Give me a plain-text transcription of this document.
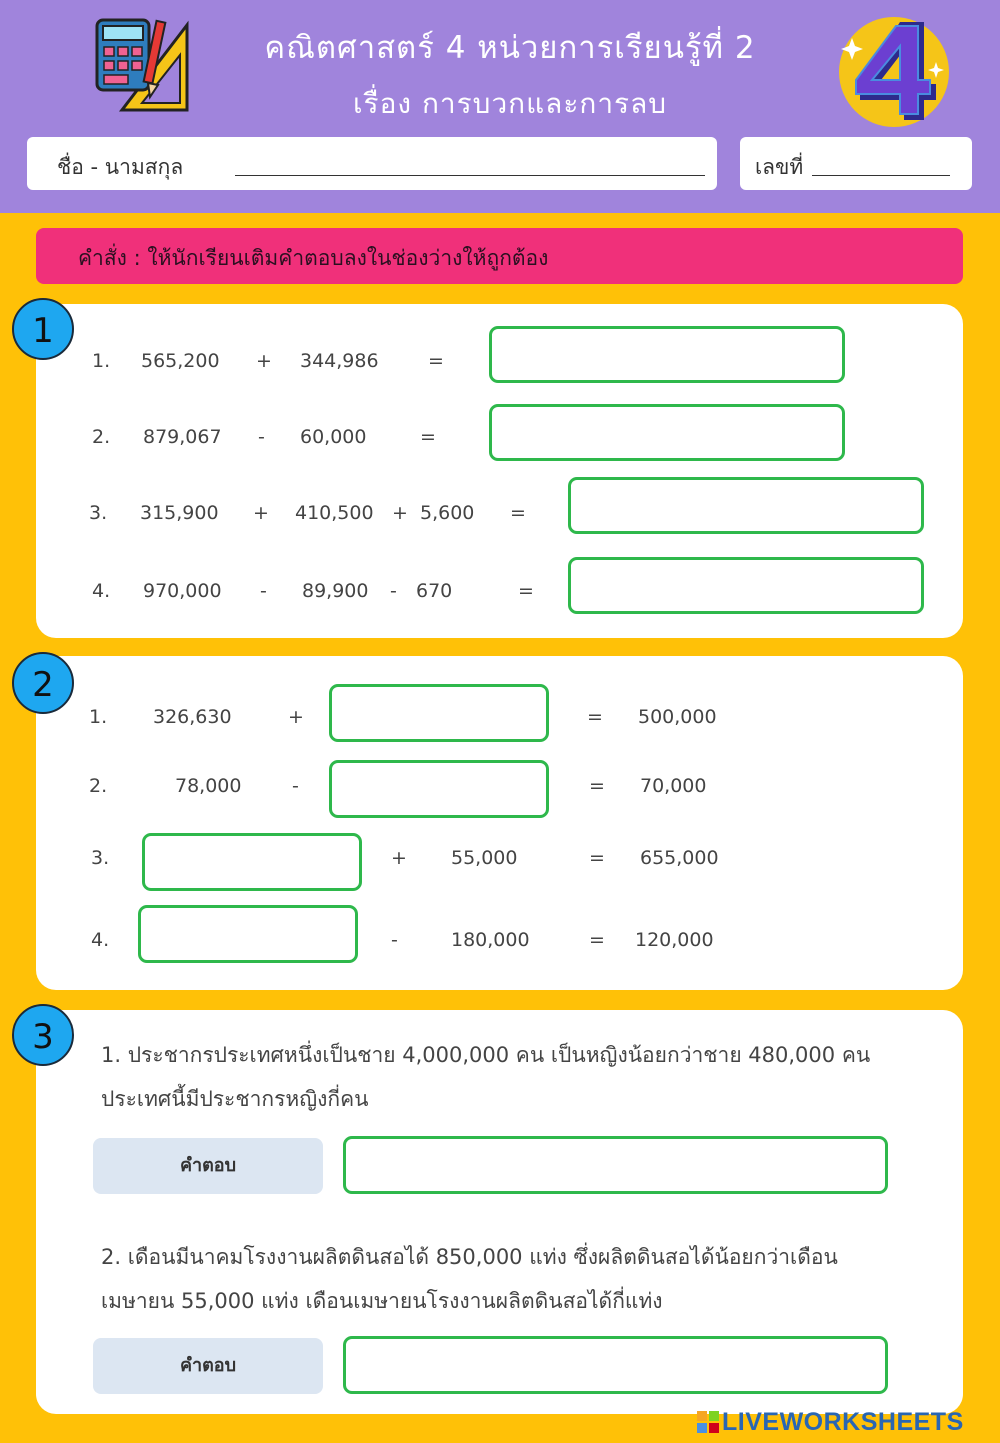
คณิตศาสตร์ 4 หน่วยการเรียนรู้ที่ 2
เรื่อง การบวกและการลบ
ชื่อ - นามสกุล	เลขที่
คำสั่ง : ให้นักเรียนเติมคำตอบลงในช่องว่างให้ถูกต้อง
1. 565,200 + 344,986	=
2. 879,067 - 60,000	=
3. 315,900 + 410,500 + 5,600 =
4. 970,000 - 89,900 - 670	=
1
1. 326,630	+	= 500,000
2.	78,000	-	= 70,000
3.	+ 55,000	= 655,000
4.	-	180,000	= 120,000
2
1. ประชากรประเทศหนึ่งเป็นชาย 4,000,000 คน เป็นหญิงน้อยกว่าชาย 480,000 คน
ประเทศนี้มีประชากรหญิงกี่คน
คำตอบ
2. เดือนมีนาคมโรงงานผลิตดินสอได้ 850,000 แท่ง ซึ่งผลิตดินสอได้น้อยกว่าเดือน
เมษายน 55,000 แท่ง เดือนเมษายนโรงงานผลิตดินสอได้กี่แท่ง
คำตอบ
3
LIVEWORKSHEETS
